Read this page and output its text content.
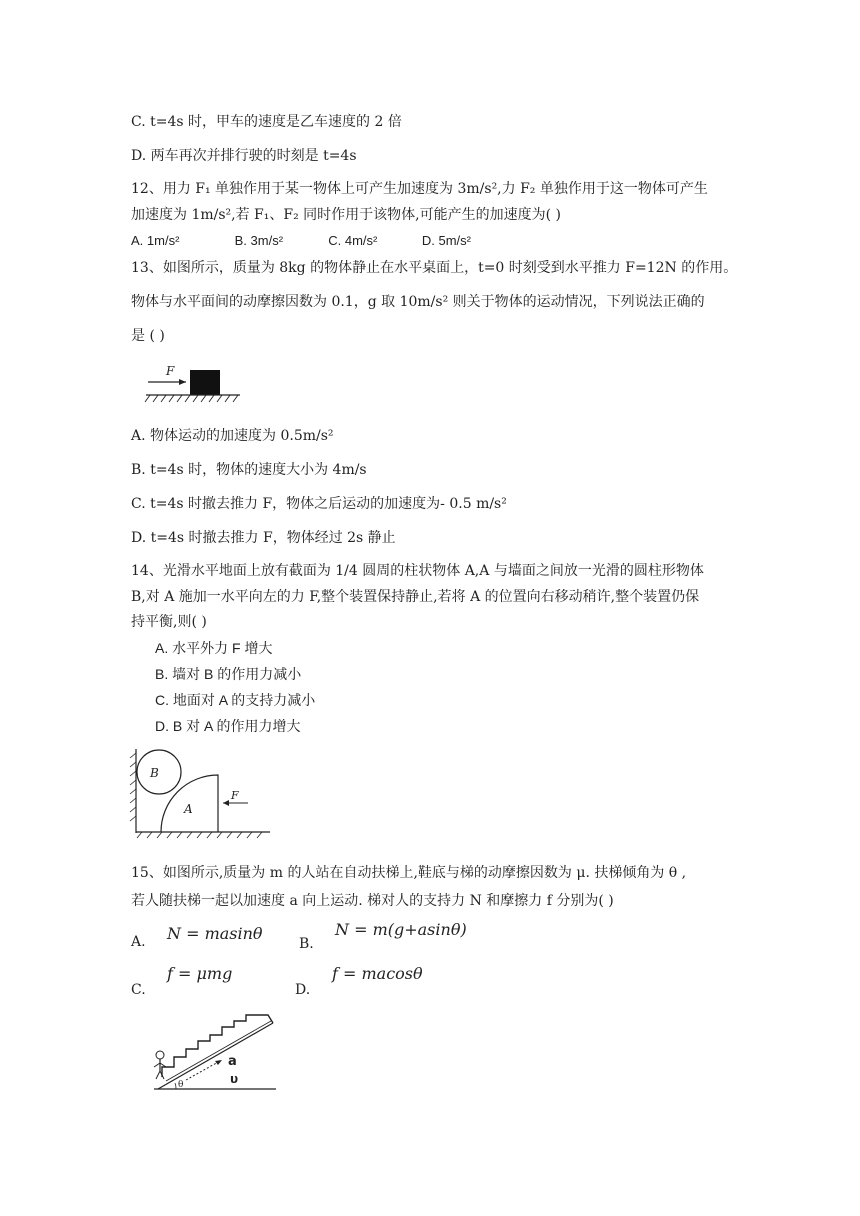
C. t=4s 时，甲车的速度是乙车速度的 2 倍
D. 两车再次并排行驶的时刻是 t=4s
12、用力 F₁ 单独作用于某一物体上可产生加速度为 3m/s²,力 F₂ 单独作用于这一物体可产生
加速度为 1m/s²,若 F₁、F₂ 同时作用于该物体,可能产生的加速度为( )
A. 1m/s²	B. 3m/s²	C. 4m/s²	D. 5m/s²
13、如图所示，质量为 8kg 的物体静止在水平桌面上，t=0 时刻受到水平推力 F=12N 的作用。
物体与水平面间的动摩擦因数为 0.1，g 取 10m/s² 则关于物体的运动情况，下列说法正确的
是 ( )
F
A. 物体运动的加速度为 0.5m/s²
B. t=4s 时，物体的速度大小为 4m/s
C. t=4s 时撤去推力 F，物体之后运动的加速度为- 0.5 m/s²
D. t=4s 时撤去推力 F，物体经过 2s 静止
14、光滑水平地面上放有截面为 1/4 圆周的柱状物体 A,A 与墙面之间放一光滑的圆柱形物体
B,对 A 施加一水平向左的力 F,整个装置保持静止,若将 A 的位置向右移动稍许,整个装置仍保
持平衡,则( )
A. 水平外力 F 增大
B. 墙对 B 的作用力减小
C. 地面对 A 的支持力减小
D. B 对 A 的作用力增大
B
A
F
15、如图所示,质量为 m 的人站在自动扶梯上,鞋底与梯的动摩擦因数为 μ. 扶梯倾角为 θ ,
若人随扶梯一起以加速度 a 向上运动. 梯对人的支持力 N 和摩擦力 f 分别为( )
A. N = masinθ
B.
N = m(g+asinθ)
C.
f = μmg
D.
f = macosθ
a
υ
θ
